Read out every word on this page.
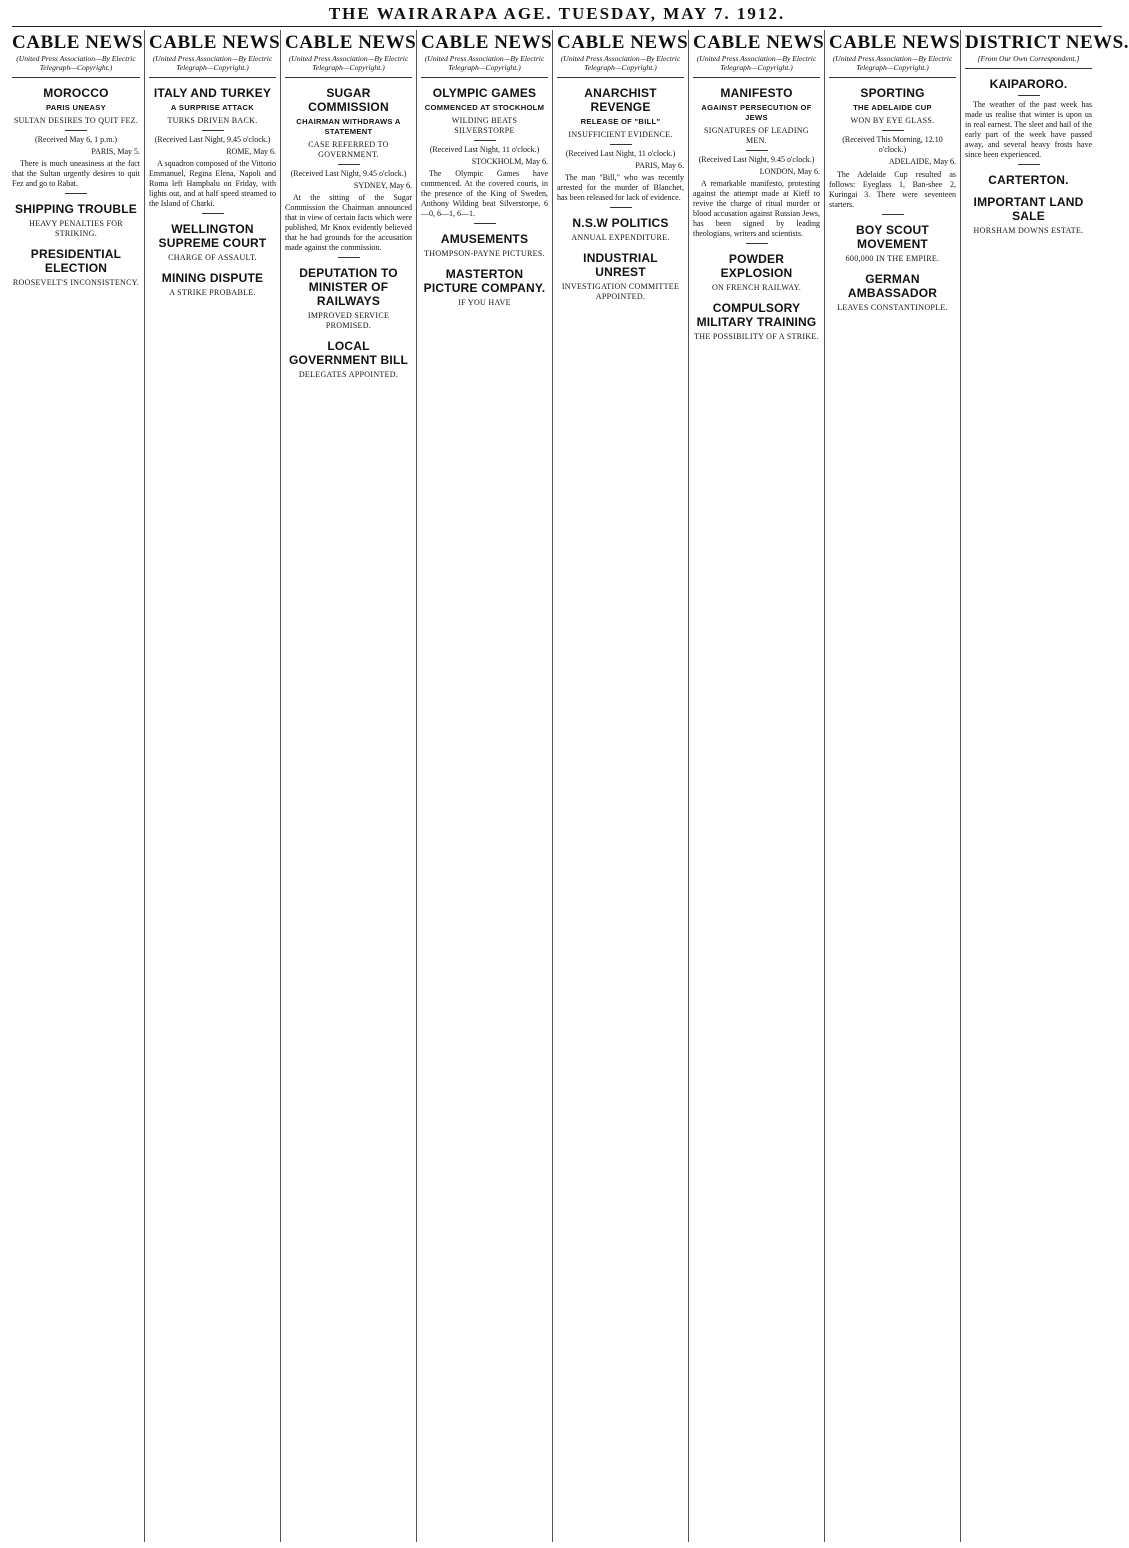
THE WAIRARAPA AGE. TUESDAY, MAY 7. 1912.
CABLE NEWS
(United Press Association—By Electric Telegraph—Copyright.)
MOROCCO
PARIS UNEASY
SULTAN DESIRES TO QUIT FEZ.
(Received May 6, 1 p.m.)
PARIS, May 5.

There is much uneasiness at the fact that the Sultan urgently desires to quit Fez and go to Rabat.

SHIPPING TROUBLE
HEAVY PENALTIES FOR STRIKING.
PRESIDENTIAL ELECTION
ROOSEVELT'S INCONSISTENCY.
CABLE NEWS
(United Press Association—By Electric Telegraph—Copyright.)
ITALY AND TURKEY
A SURPRISE ATTACK
TURKS DRIVEN BACK.
(Received Last Night, 9.45 o'clock.)
ROME, May 6.

A squadron composed of the Vittorio Emmanuel, Regina Elena, Napoli and Roma left Hampbalu on Friday, with lights out, and at half speed steamed to the Island of Charki.

WELLINGTON SUPREME COURT
CHARGE OF ASSAULT.
MINING DISPUTE
A STRIKE PROBABLE.
CABLE NEWS
(United Press Association—By Electric Telegraph—Copyright.)
SUGAR COMMISSION
CHAIRMAN WITHDRAWS A STATEMENT
CASE REFERRED TO GOVERNMENT.
(Received Last Night, 9.45 o'clock.)
SYDNEY, May 6.

At the sitting of the Sugar Commission the Chairman announced that in view of certain facts which were published, Mr Knox evidently believed that he had grounds for the accusation made against the commission.

DEPUTATION TO MINISTER OF RAILWAYS
IMPROVED SERVICE PROMISED.
LOCAL GOVERNMENT BILL
DELEGATES APPOINTED.
CABLE NEWS
(United Press Association—By Electric Telegraph—Copyright.)
OLYMPIC GAMES
COMMENCED AT STOCKHOLM
WILDING BEATS SILVERSTORPE
(Received Last Night, 11 o'clock.)
STOCKHOLM, May 6.

The Olympic Games have commenced. At the covered courts, in the presence of the King of Sweden, Anthony Wilding beat Silverstorpe, 6—0, 6—1, 6—1.

AMUSEMENTS
THOMPSON-PAYNE PICTURES.
MASTERTON PICTURE COMPANY.
IF YOU HAVE
CABLE NEWS
(United Press Association—By Electric Telegraph—Copyright.)
ANARCHIST REVENGE
RELEASE OF "BILL"
INSUFFICIENT EVIDENCE.
(Received Last Night, 11 o'clock.)
PARIS, May 6.

The man "Bill," who was recently arrested for the murder of Blanchet, has been released for lack of evidence.

N.S.W POLITICS
ANNUAL EXPENDITURE.
INDUSTRIAL UNREST
INVESTIGATION COMMITTEE APPOINTED.
CABLE NEWS
(United Press Association—By Electric Telegraph—Copyright.)
MANIFESTO
AGAINST PERSECUTION OF JEWS
SIGNATURES OF LEADING MEN.
(Received Last Night, 9.45 o'clock.)
LONDON, May 6.

A remarkable manifesto, protesting against the attempt made at Kieff to revive the charge of ritual murder or blood accusation against Russian Jews, has been signed by leading theologians, writers and scientists.

POWDER EXPLOSION
ON FRENCH RAILWAY.
COMPULSORY MILITARY TRAINING
THE POSSIBILITY OF A STRIKE.
CABLE NEWS
(United Press Association—By Electric Telegraph—Copyright.)
SPORTING
THE ADELAIDE CUP
WON BY EYE GLASS.
(Received This Morning, 12.10 o'clock.)
ADELAIDE, May 6.

The Adelaide Cup resulted as follows: Eyeglass 1, Ban-shee 2, Kuringai 3. There were seventeen starters.

BOY SCOUT MOVEMENT
600,000 IN THE EMPIRE.
GERMAN AMBASSADOR
LEAVES CONSTANTINOPLE.
DISTRICT NEWS.
[From Our Own Correspondent.]
KAIPARORO.

The weather of the past week has made us realise that winter is upon us in real earnest. The sleet and hail of the early part of the week have passed away, and several heavy frosts have since been experienced.

CARTERTON.
IMPORTANT LAND SALE
HORSHAM DOWNS ESTATE.
